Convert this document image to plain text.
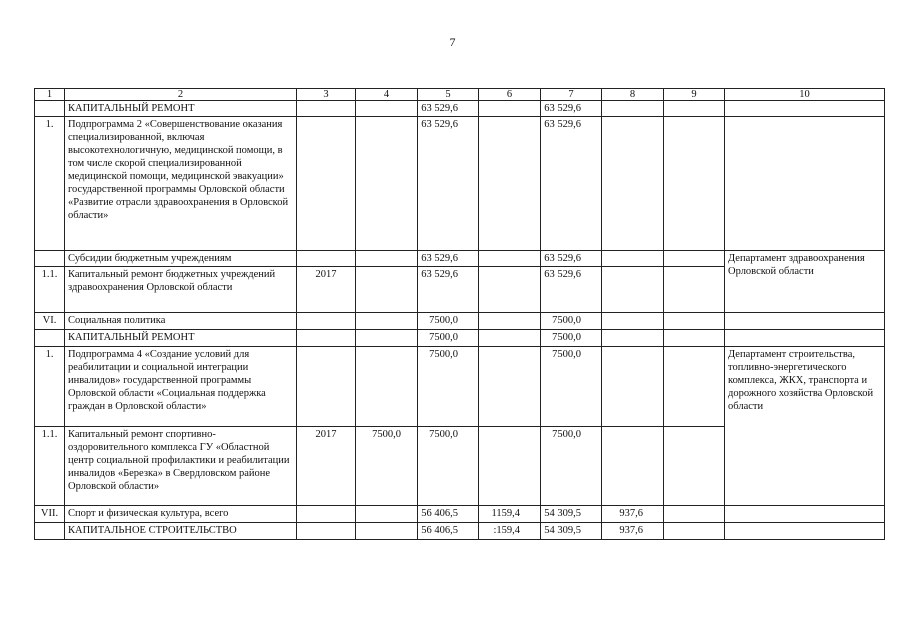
7
1	2	3	4	5	6	7	8	9	10
	КАПИТАЛЬНЫЙ РЕМОНТ			63 529,6		63 529,6			
1.	Подпрограмма 2 «Совершенствование оказания специализированной, включая высокотехнологичную, медицинской помощи, в том числе скорой специализированной медицинской помощи, медицинской эвакуации» государственной программы Орловской области «Развитие отрасли здравоохранения в Орловской области»			63 529,6		63 529,6			
	Субсидии бюджетным учреждениям			63 529,6		63 529,6			Департамент здравоохранения Орловской области
1.1.	Капитальный ремонт бюджетных учреждений здравоохранения Орловской области	2017		63 529,6		63 529,6			
VI.	Социальная политика			7500,0		7500,0			
	КАПИТАЛЬНЫЙ РЕМОНТ			7500,0		7500,0			
1.	Подпрограмма 4 «Создание условий для реабилитации и социальной интеграции инвалидов» государственной программы Орловской области «Социальная поддержка граждан в Орловской области»			7500,0		7500,0			Департамент строительства, топливно-энергетического комплекса, ЖКХ, транспорта и дорожного хозяйства Орловской области
1.1.	Капитальный ремонт спортивно-оздоровительного комплекса ГУ «Областной центр социальной профилактики и реабилитации инвалидов «Березка» в Свердловском районе Орловской области»	2017	7500,0	7500,0		7500,0			
VII.	Спорт и физическая культура, всего			56 406,5	1159,4	54 309,5	937,6		
	КАПИТАЛЬНОЕ СТРОИТЕЛЬСТВО			56 406,5	:159,4	54 309,5	937,6		
